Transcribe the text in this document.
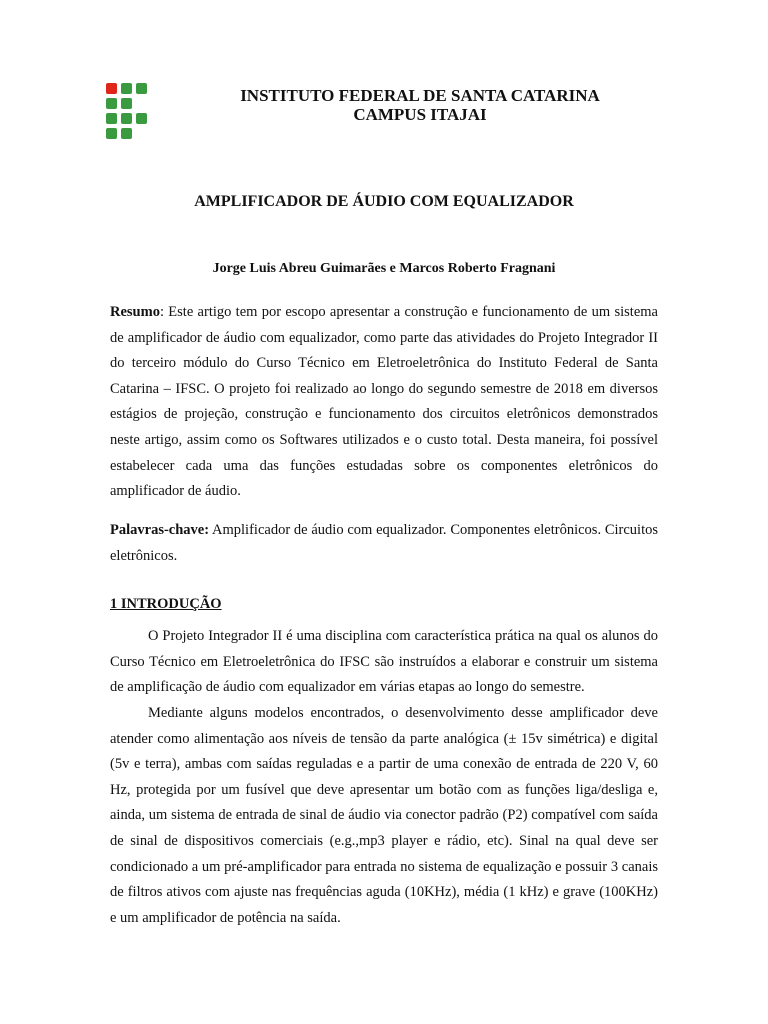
INSTITUTO FEDERAL DE SANTA CATARINA
CAMPUS ITAJAI
AMPLIFICADOR DE ÁUDIO COM EQUALIZADOR
Jorge Luis Abreu Guimarães e Marcos Roberto Fragnani

Resumo: Este artigo tem por escopo apresentar a construção e funcionamento de um sistema de amplificador de áudio com equalizador, como parte das atividades do Projeto Integrador II do terceiro módulo do Curso Técnico em Eletroeletrônica do Instituto Federal de Santa Catarina – IFSC. O projeto foi realizado ao longo do segundo semestre de 2018 em diversos estágios de projeção, construção e funcionamento dos circuitos eletrônicos demonstrados neste artigo, assim como os Softwares utilizados e o custo total. Desta maneira, foi possível estabelecer cada uma das funções estudadas sobre os componentes eletrônicos do amplificador de áudio.

Palavras-chave: Amplificador de áudio com equalizador. Componentes eletrônicos. Circuitos eletrônicos.

1 INTRODUÇÃO

O Projeto Integrador II é uma disciplina com característica prática na qual os alunos do Curso Técnico em Eletroeletrônica do IFSC são instruídos a elaborar e construir um sistema de amplificação de áudio com equalizador em várias etapas ao longo do semestre.

Mediante alguns modelos encontrados, o desenvolvimento desse amplificador deve atender como alimentação aos níveis de tensão da parte analógica (± 15v simétrica) e digital (5v e terra), ambas com saídas reguladas e a partir de uma conexão de entrada de 220 V, 60 Hz, protegida por um fusível que deve apresentar um botão com as funções liga/desliga e, ainda, um sistema de entrada de sinal de áudio via conector padrão (P2) compatível com saída de sinal de dispositivos comerciais (e.g.,mp3 player e rádio, etc). Sinal na qual deve ser condicionado a um pré-amplificador para entrada no sistema de equalização e possuir 3 canais de filtros ativos com ajuste nas frequências aguda (10KHz), média (1 kHz) e grave (100KHz) e um amplificador de potência na saída.
